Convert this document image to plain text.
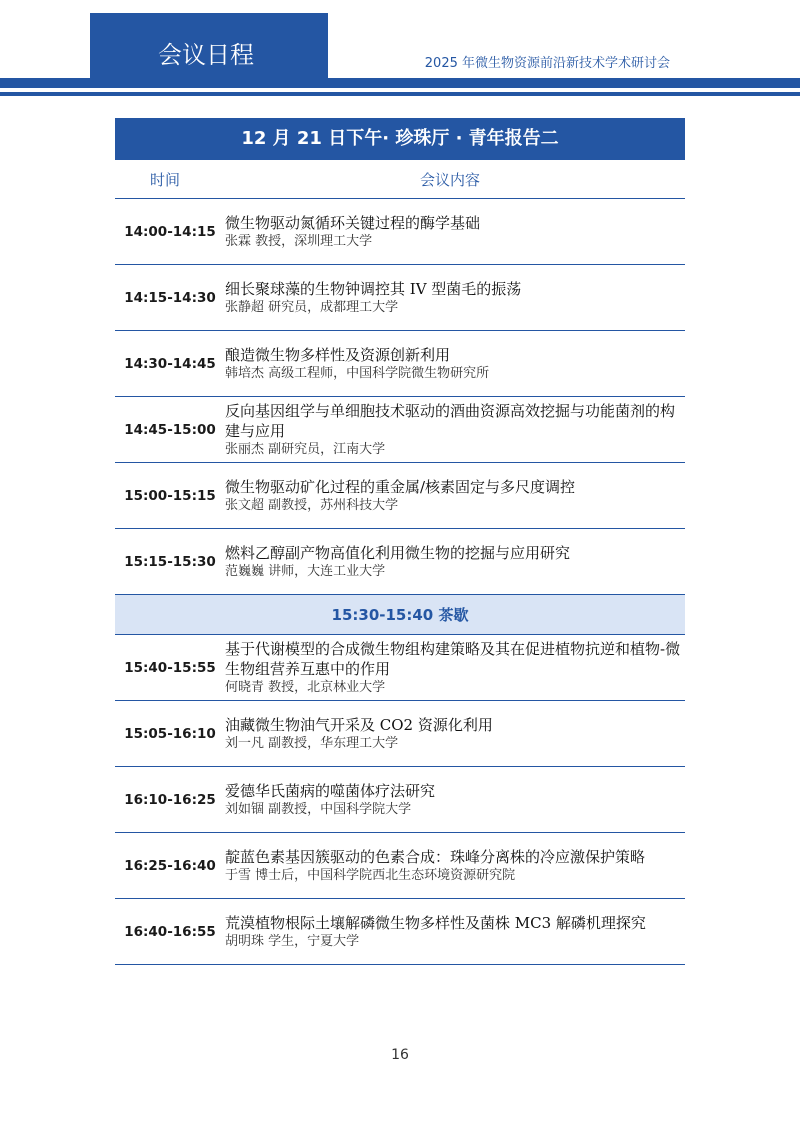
会议日程	2025 年微生物资源前沿新技术学术研讨会
12 月 21 日下午· 珍珠厅 · 青年报告二
时间	会议内容
14:00-14:15 微生物驱动氮循环关键过程的酶学基础
张霖 教授，深圳理工大学
14:15-14:30 细长聚球藻的生物钟调控其 IV 型菌毛的振荡
张静超 研究员，成都理工大学
14:30-14:45 酿造微生物多样性及资源创新利用
韩培杰 高级工程师，中国科学院微生物研究所
14:45-15:00
反向基因组学与单细胞技术驱动的酒曲资源高效挖掘与功能菌剂的构建与应用
张丽杰 副研究员，江南大学
15:00-15:15 微生物驱动矿化过程的重金属/核素固定与多尺度调控
张文超 副教授，苏州科技大学
15:15-15:30 燃料乙醇副产物高值化利用微生物的挖掘与应用研究
范巍巍 讲师，大连工业大学
15:30-15:40 茶歇
15:40-15:55
基于代谢模型的合成微生物组构建策略及其在促进植物抗逆和植物-微生物组营养互惠中的作用
何晓青 教授，北京林业大学
15:05-16:10 油藏微生物油气开采及 CO2 资源化利用
刘一凡 副教授，华东理工大学
16:10-16:25 爱德华氏菌病的噬菌体疗法研究
刘如锢 副教授，中国科学院大学
16:25-16:40 靛蓝色素基因簇驱动的色素合成：珠峰分离株的冷应激保护策略
于雪 博士后，中国科学院西北生态环境资源研究院
16:40-16:55 荒漠植物根际土壤解磷微生物多样性及菌株 MC3 解磷机理探究
胡明珠 学生，宁夏大学
16
